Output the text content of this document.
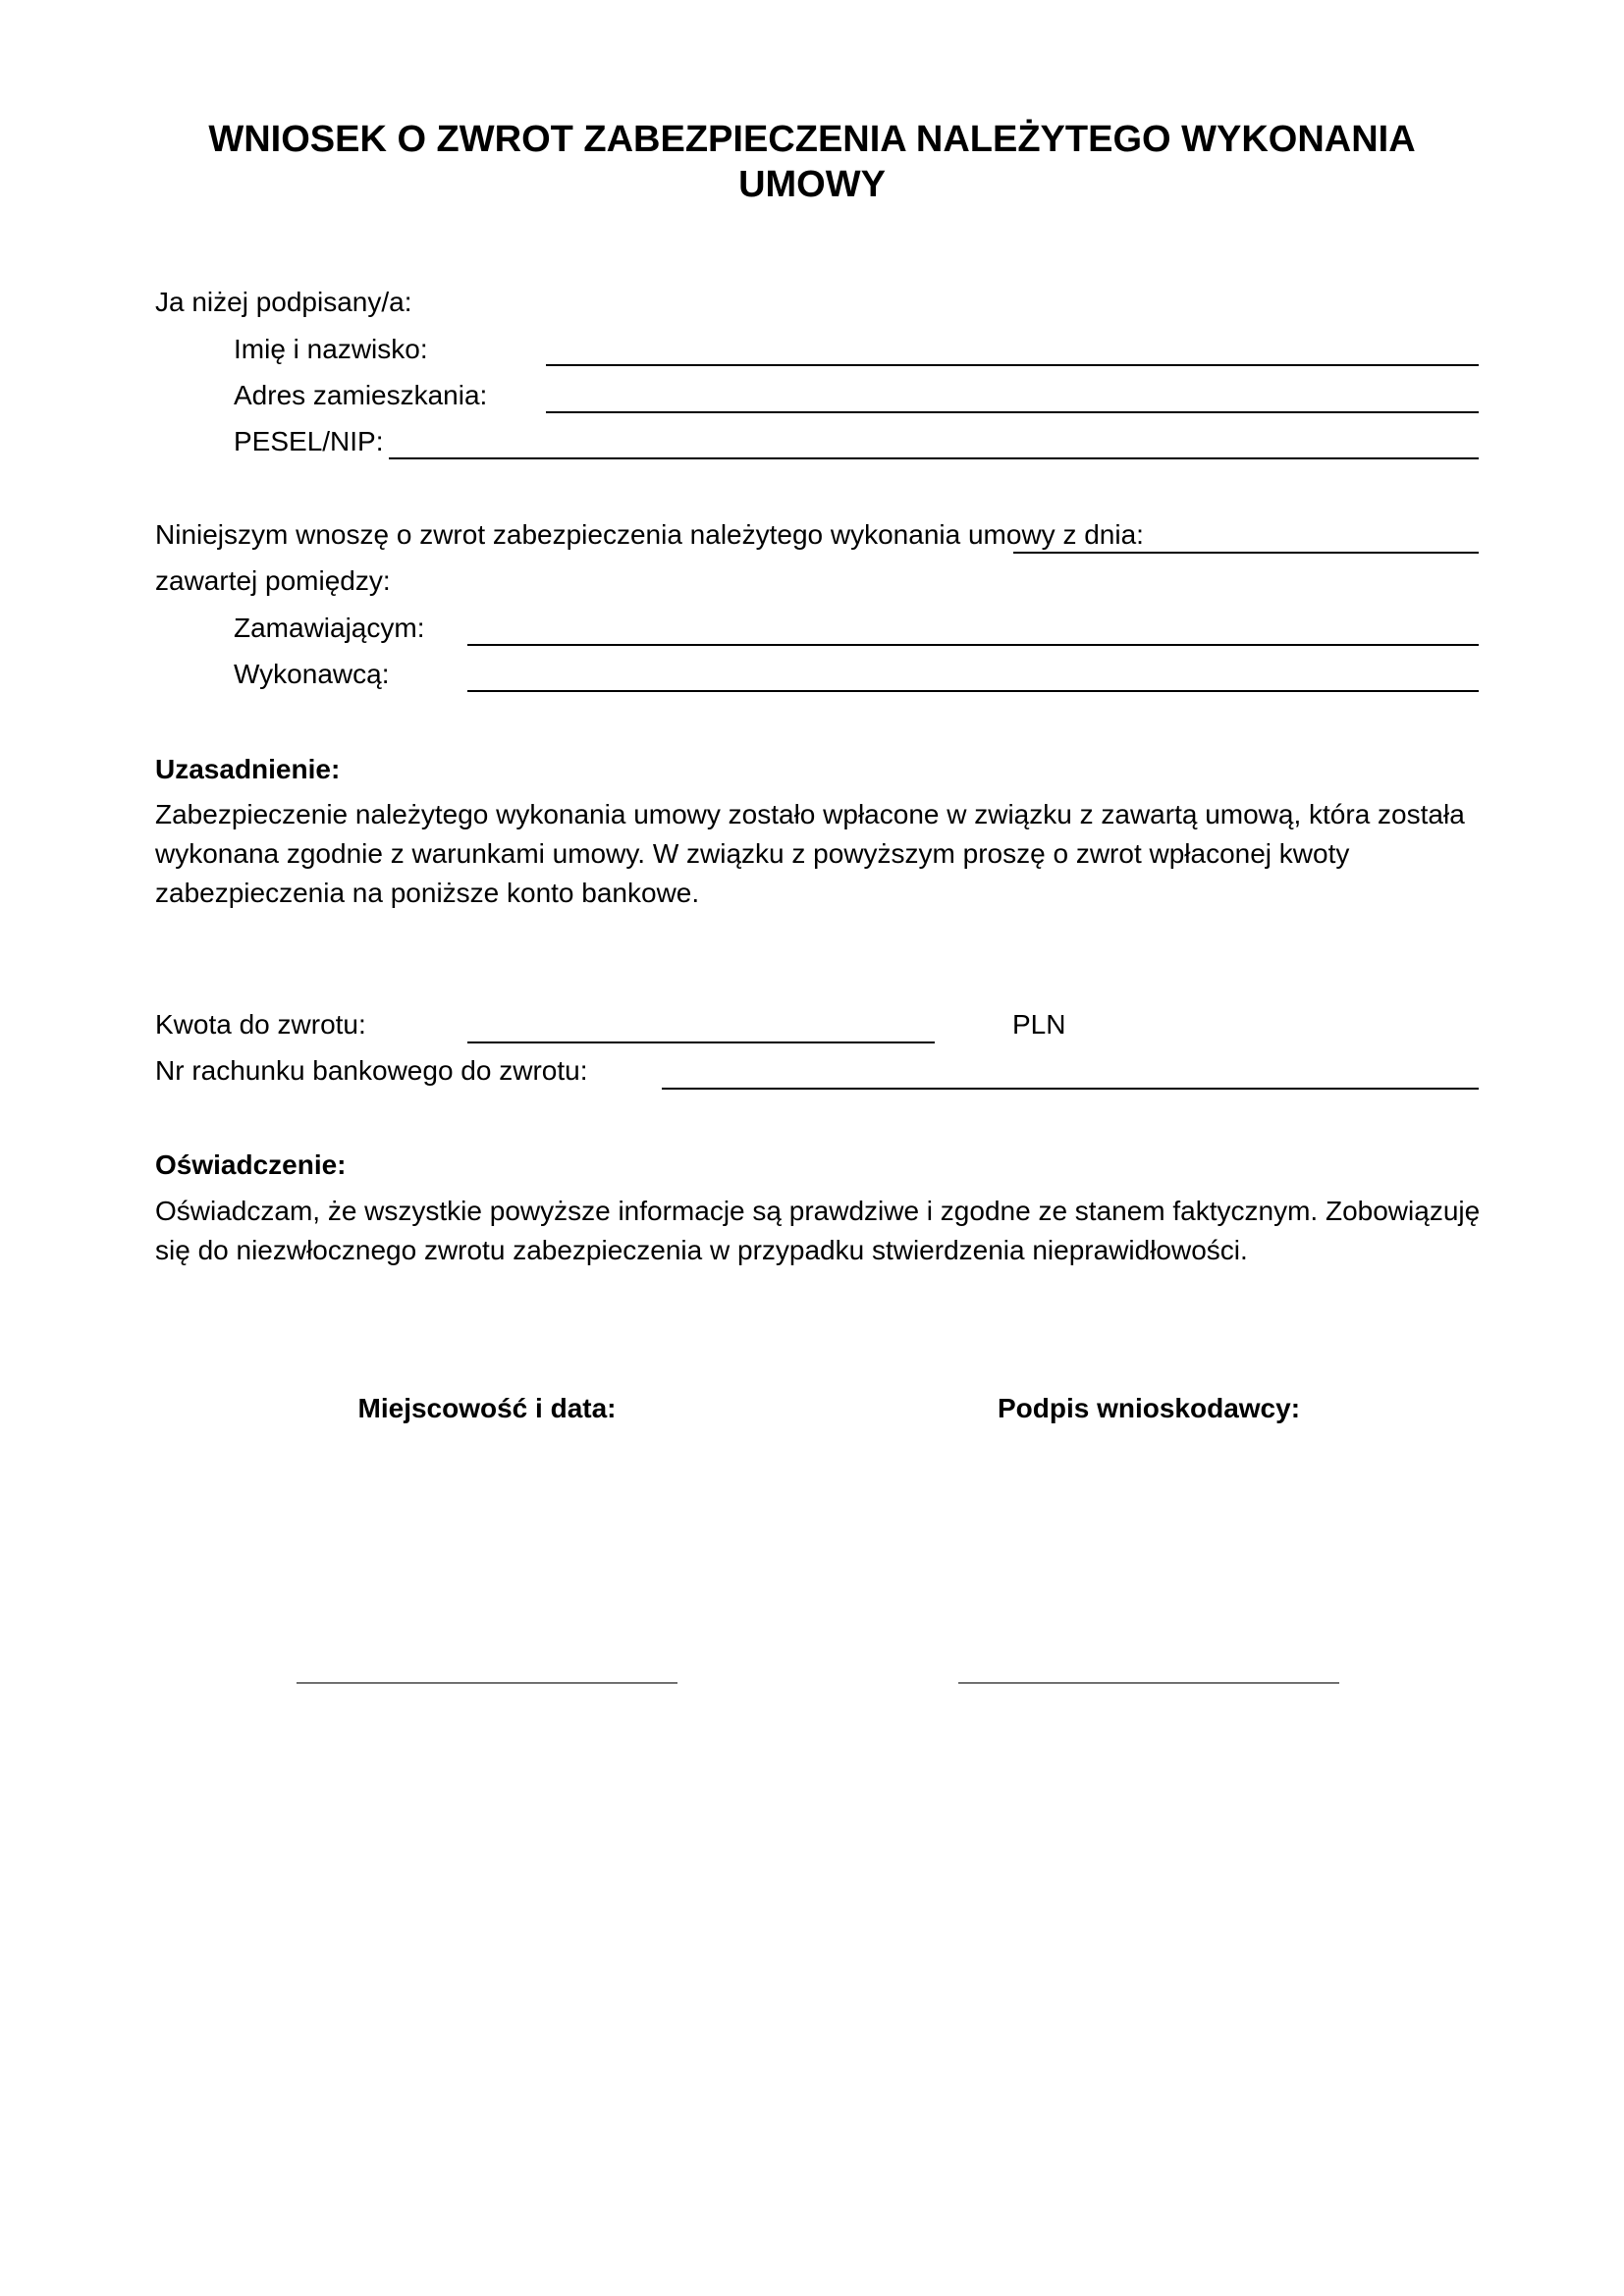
WNIOSEK O ZWROT ZABEZPIECZENIA NALEŻYTEGO WYKONANIA UMOWY
Ja niżej podpisany/a:
Imię i nazwisko:
Adres zamieszkania:
PESEL/NIP:
Niniejszym wnoszę o zwrot zabezpieczenia należytego wykonania umowy z dnia:
zawartej pomiędzy:
Zamawiającym:
Wykonawcą:
Uzasadnienie:
Zabezpieczenie należytego wykonania umowy zostało wpłacone w związku z zawartą umową, która została wykonana zgodnie z warunkami umowy. W związku z powyższym proszę o zwrot wpłaconej kwoty zabezpieczenia na poniższe konto bankowe.
Kwota do zwrotu:	PLN
Nr rachunku bankowego do zwrotu:
Oświadczenie:
Oświadczam, że wszystkie powyższe informacje są prawdziwe i zgodne ze stanem faktycznym. Zobowiązuję się do niezwłocznego zwrotu zabezpieczenia w przypadku stwierdzenia nieprawidłowości.
Miejscowość i data:	Podpis wnioskodawcy:
